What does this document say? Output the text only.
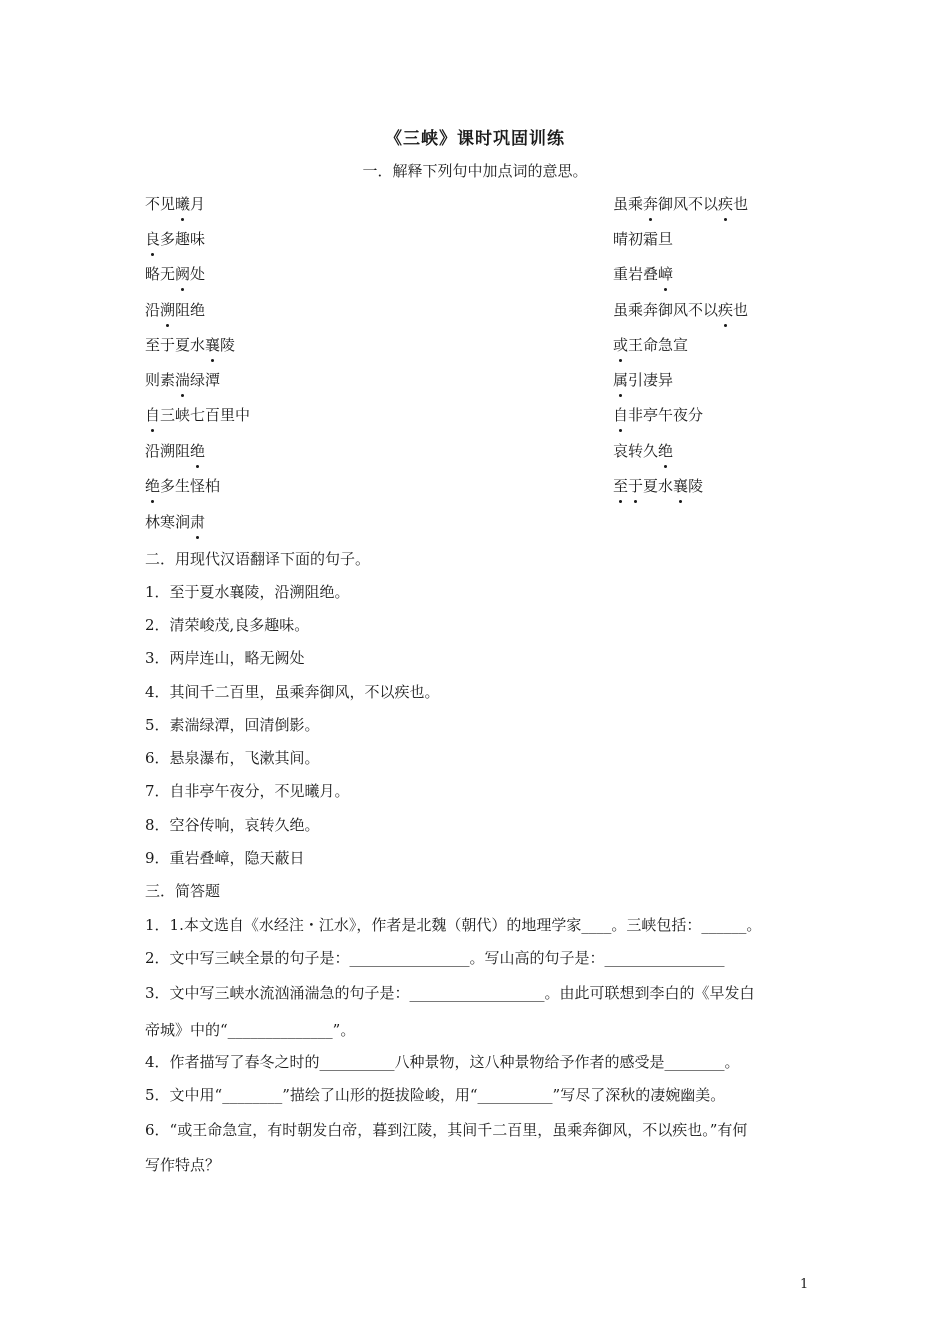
《三峡》课时巩固训练
一．解释下列句中加点词的意思。
不见曦月
良多趣味
略无阙处
沿溯阻绝
至于夏水襄陵
则素湍绿潭
自三峡七百里中
沿溯阻绝
绝多生怪柏
林寒涧肃
虽乘奔御风不以疾也
晴初霜旦
重岩叠嶂
虽乘奔御风不以疾也
或王命急宣
属引凄异
自非亭午夜分
哀转久绝
至于夏水襄陵
二．用现代汉语翻译下面的句子。
1．至于夏水襄陵，沿溯阻绝。
2．清荣峻茂,良多趣味。
3．两岸连山，略无阙处
4．其间千二百里，虽乘奔御风，不以疾也。
5．素湍绿潭，回清倒影。
6．悬泉瀑布，飞漱其间。
7．自非亭午夜分，不见曦月。
8．空谷传响，哀转久绝。
9．重岩叠嶂，隐天蔽日
三．简答题
1．1.本文选自《水经注・江水》，作者是北魏（朝代）的地理学家____。三峡包括：______。
2．文中写三峡全景的句子是：________________。写山高的句子是：________________
3．文中写三峡水流汹涌湍急的句子是：__________________。由此可联想到李白的《早发白
帝城》中的“______________”。
4．作者描写了春冬之时的__________八种景物，这八种景物给予作者的感受是________。
5．文中用“________”描绘了山形的挺拔险峻，用“__________”写尽了深秋的凄婉幽美。
6．“或王命急宣，有时朝发白帝，暮到江陵，其间千二百里，虽乘奔御风，不以疾也。”有何
写作特点？
1
